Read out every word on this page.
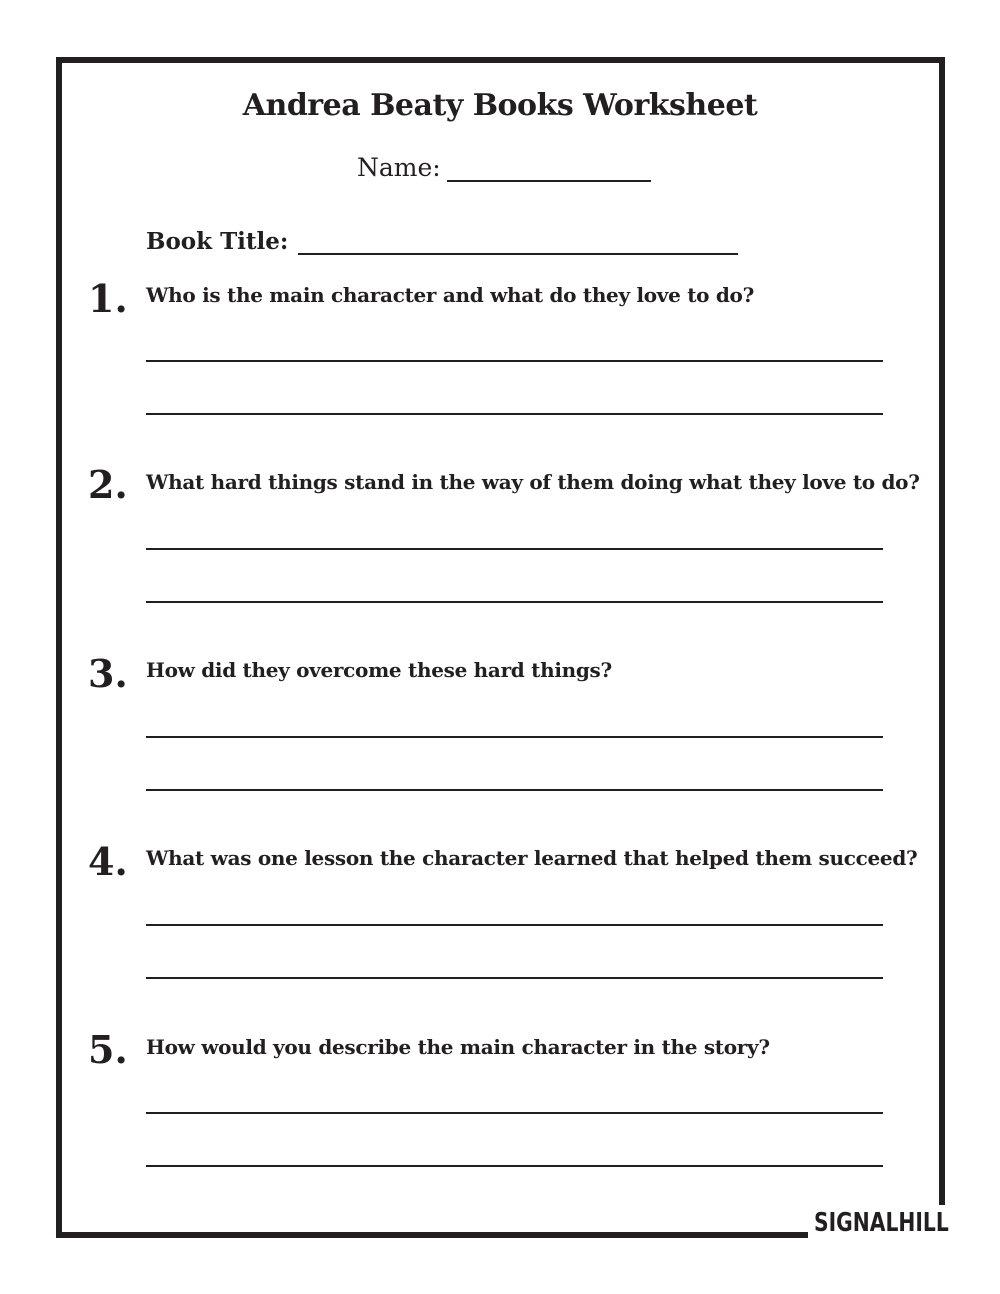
Andrea Beaty Books Worksheet
Name:
Book Title:
1. Who is the main character and what do they love to do?
2. What hard things stand in the way of them doing what they love to do?
3. How did they overcome these hard things?
4. What was one lesson the character learned that helped them succeed?
5. How would you describe the main character in the story?
SIGNALHILL
